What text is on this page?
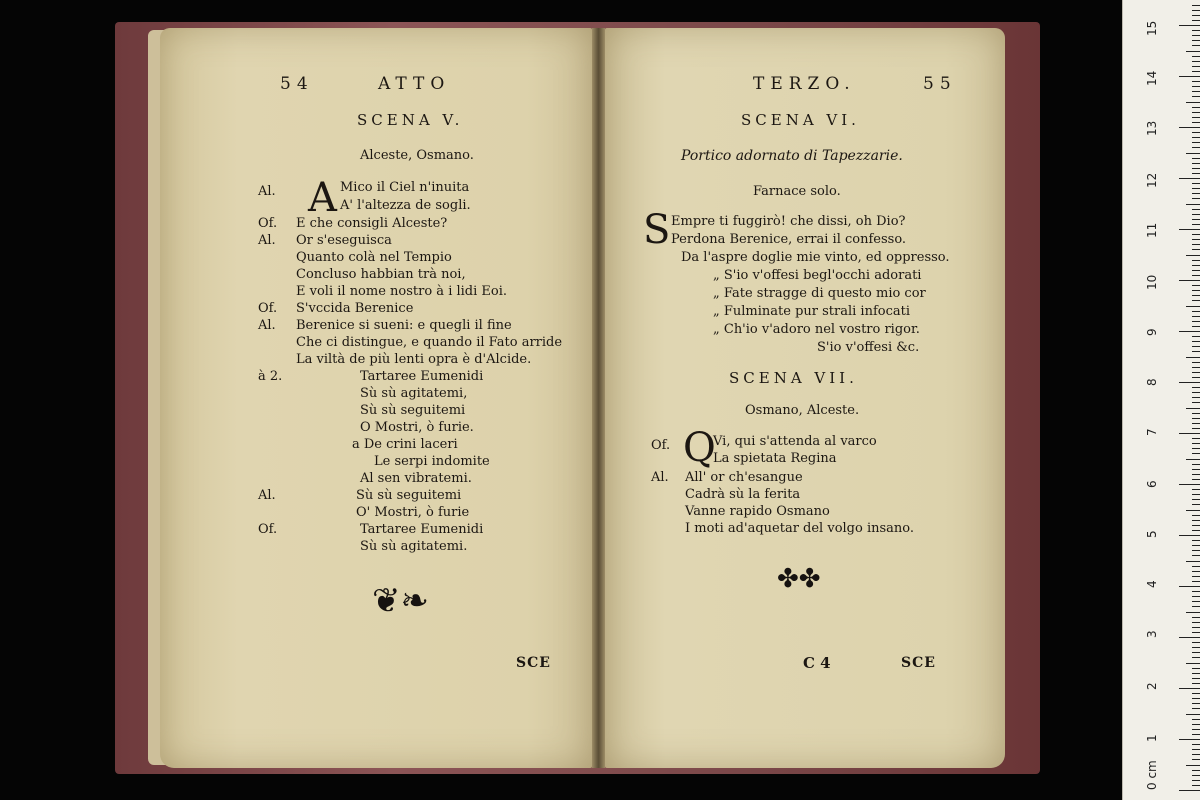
54	ATTO
SCENA V.
Alceste, Osmano.
Al. A Mico il Ciel n'inuita
A' l'altezza de sogli.
Of. E che consigli Alceste?
Al. Or s'eseguisca
Quanto colà nel Tempio
Concluso habbian trà noi,
E voli il nome nostro à i lidi Eoi.
Of. S'vccida Berenice
Al. Berenice si sueni: e quegli il fine
Che ci distingue, e quando il Fato arride
La viltà de più lenti opra è d'Alcide.
à 2.	Tartaree Eumenidi
Sù sù agitatemi,
Sù sù seguitemi
O Mostri, ò furie.
a De crini laceri
Le serpi indomite
Al sen vibratemi.
Al.	Sù sù seguitemi
O' Mostri, ò furie
Of.	Tartaree Eumenidi
Sù sù agitatemi.
❦❧
SCE
TERZO.	55
SCENA VI.
Portico adornato di Tapezzarie.
Farnace solo.
S Empre ti fuggirò! che dissi, oh Dio?
Perdona Berenice, errai il confesso.
Da l'aspre doglie mie vinto, ed oppresso.
„ S'io v'offesi begl'occhi adorati
„ Fate stragge di questo mio cor
„ Fulminate pur strali infocati
„ Ch'io v'adoro nel vostro rigor.
S'io v'offesi &c.
SCENA VII.
Osmano, Alceste.
Of. Q
Vi, qui s'attenda al varco
La spietata Regina
Al. All' or ch'esangue
Cadrà sù la ferita
Vanne rapido Osmano
I moti ad'aquetar del volgo insano.
✤✤
C 4	SCE
0 cm
1
2
3
4
5
6
7
8
9
10
11
12
13
14
15
